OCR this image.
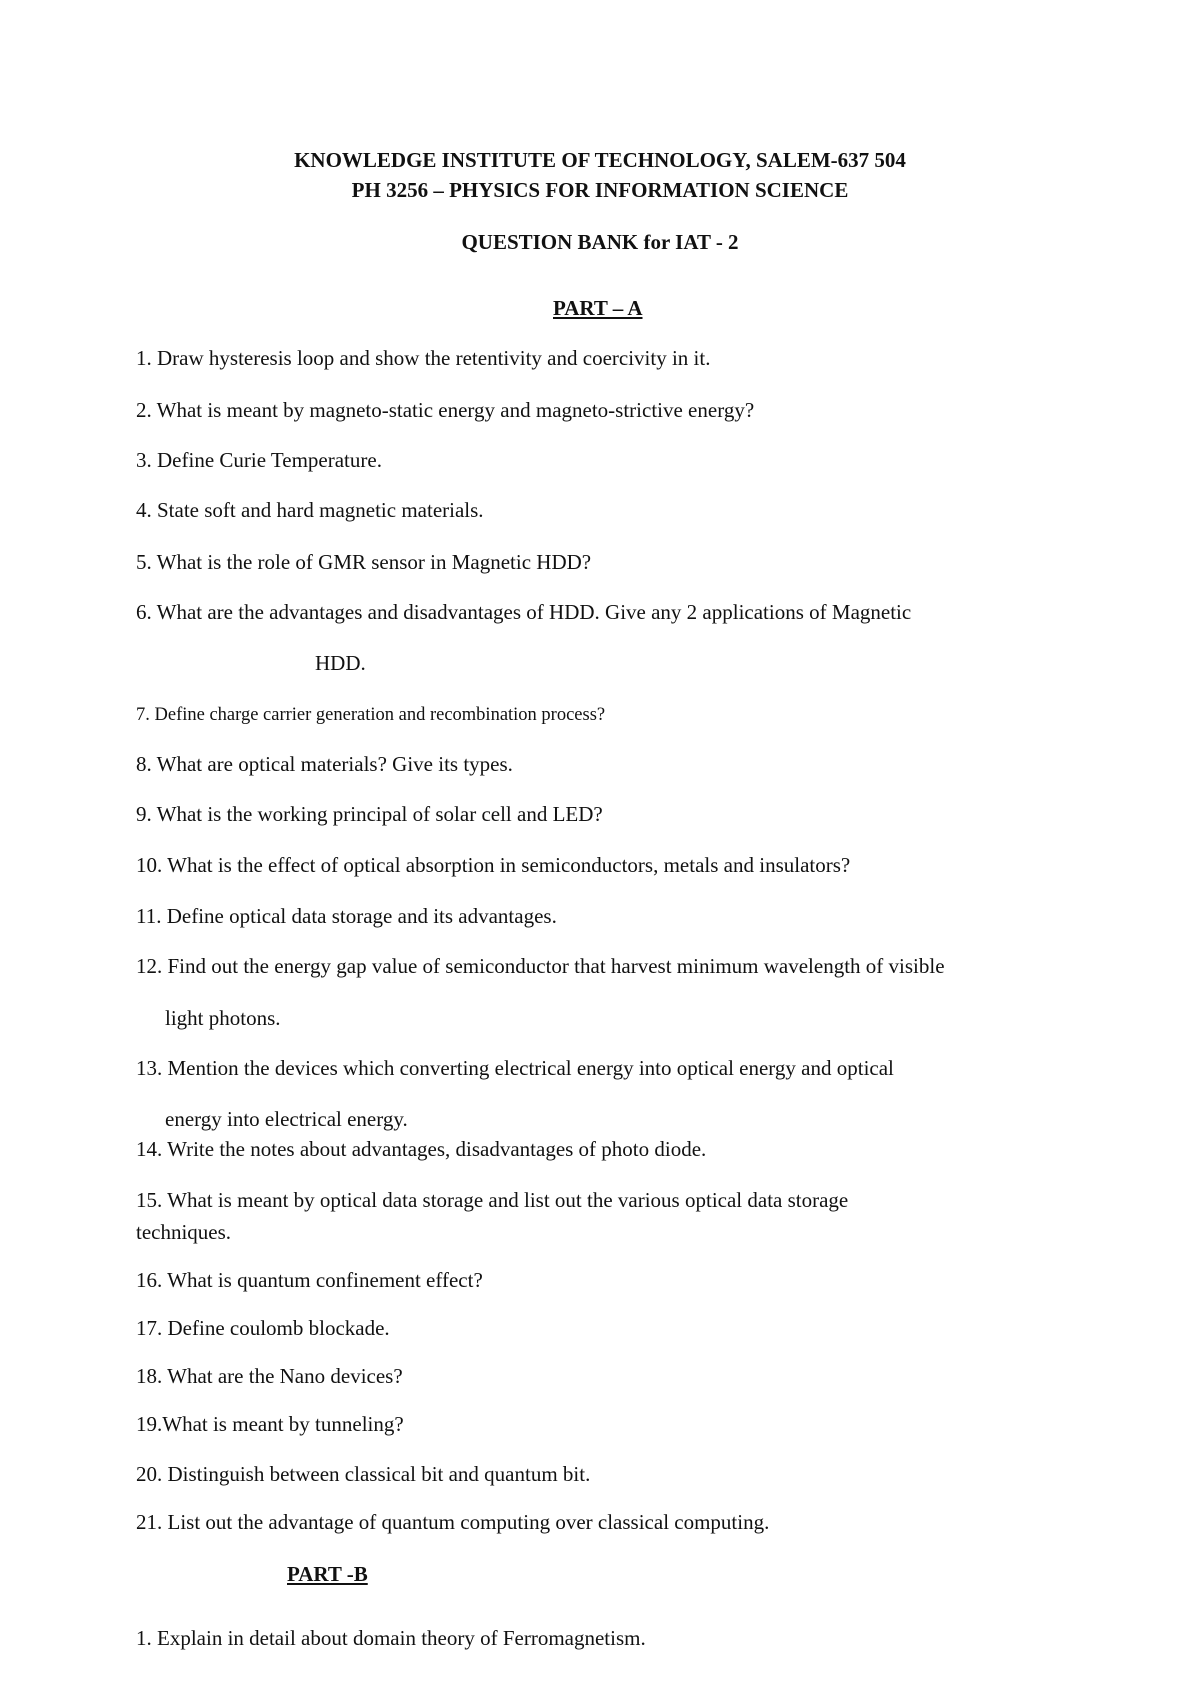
KNOWLEDGE INSTITUTE OF TECHNOLOGY, SALEM-637 504
PH 3256 – PHYSICS FOR INFORMATION SCIENCE
QUESTION BANK for IAT - 2
PART – A
1. Draw hysteresis loop and show the retentivity and coercivity in it.
2. What is meant by magneto-static energy and magneto-strictive energy?
3. Define Curie Temperature.
4. State soft and hard magnetic materials.
5. What is the role of GMR sensor in Magnetic HDD?
6. What are the advantages and disadvantages of HDD. Give any 2 applications of Magnetic
HDD.
7. Define charge carrier generation and recombination process?
8. What are optical materials? Give its types.
9. What is the working principal of solar cell and LED?
10. What is the effect of optical absorption in semiconductors, metals and insulators?
11. Define optical data storage and its advantages.
12. Find out the energy gap value of semiconductor that harvest minimum wavelength of visible
light photons.
13. Mention the devices which converting electrical energy into optical energy and optical
energy into electrical energy.
14. Write the notes about advantages, disadvantages of photo diode.
15. What is meant by optical data storage and list out the various optical data storage
techniques.
16. What is quantum confinement effect?
17. Define coulomb blockade.
18. What are the Nano devices?
19.What is meant by tunneling?
20. Distinguish between classical bit and quantum bit.
21. List out the advantage of quantum computing over classical computing.
PART -B
1. Explain in detail about domain theory of Ferromagnetism.
